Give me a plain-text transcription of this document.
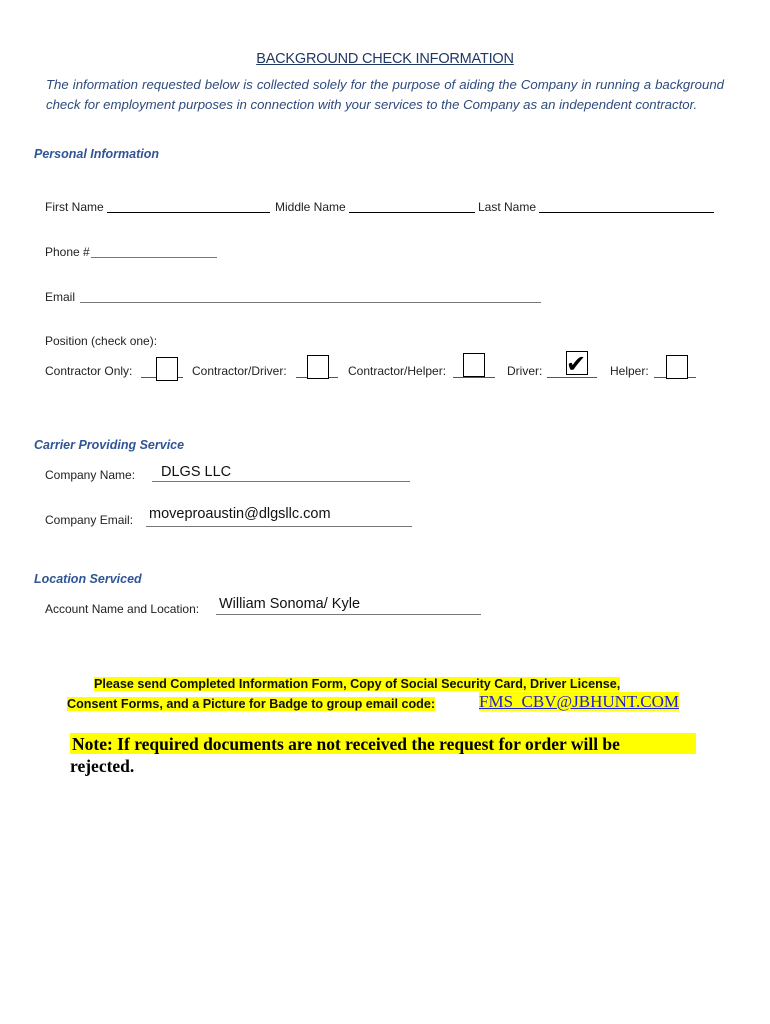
BACKGROUND CHECK INFORMATION
The information requested below is collected solely for the purpose of aiding the Company in running a background check for employment purposes in connection with your services to the Company as an independent contractor.
Personal Information
First Name	Middle Name	Last Name
Phone #
Email
Position (check one):
Contractor Only:	Contractor/Driver:	Contractor/Helper:	Driver: ✔ Helper:
Carrier Providing Service
Company Name: DLGS LLC
Company Email: moveproaustin@dlgsllc.com
Location Serviced
Account Name and Location: William Sonoma/ Kyle
Please send Completed Information Form, Copy of Social Security Card, Driver License,
Consent Forms, and a Picture for Badge to group email code:	FMS_CBV@JBHUNT.COM
Note: If required documents are not received the request for order will be
rejected.
